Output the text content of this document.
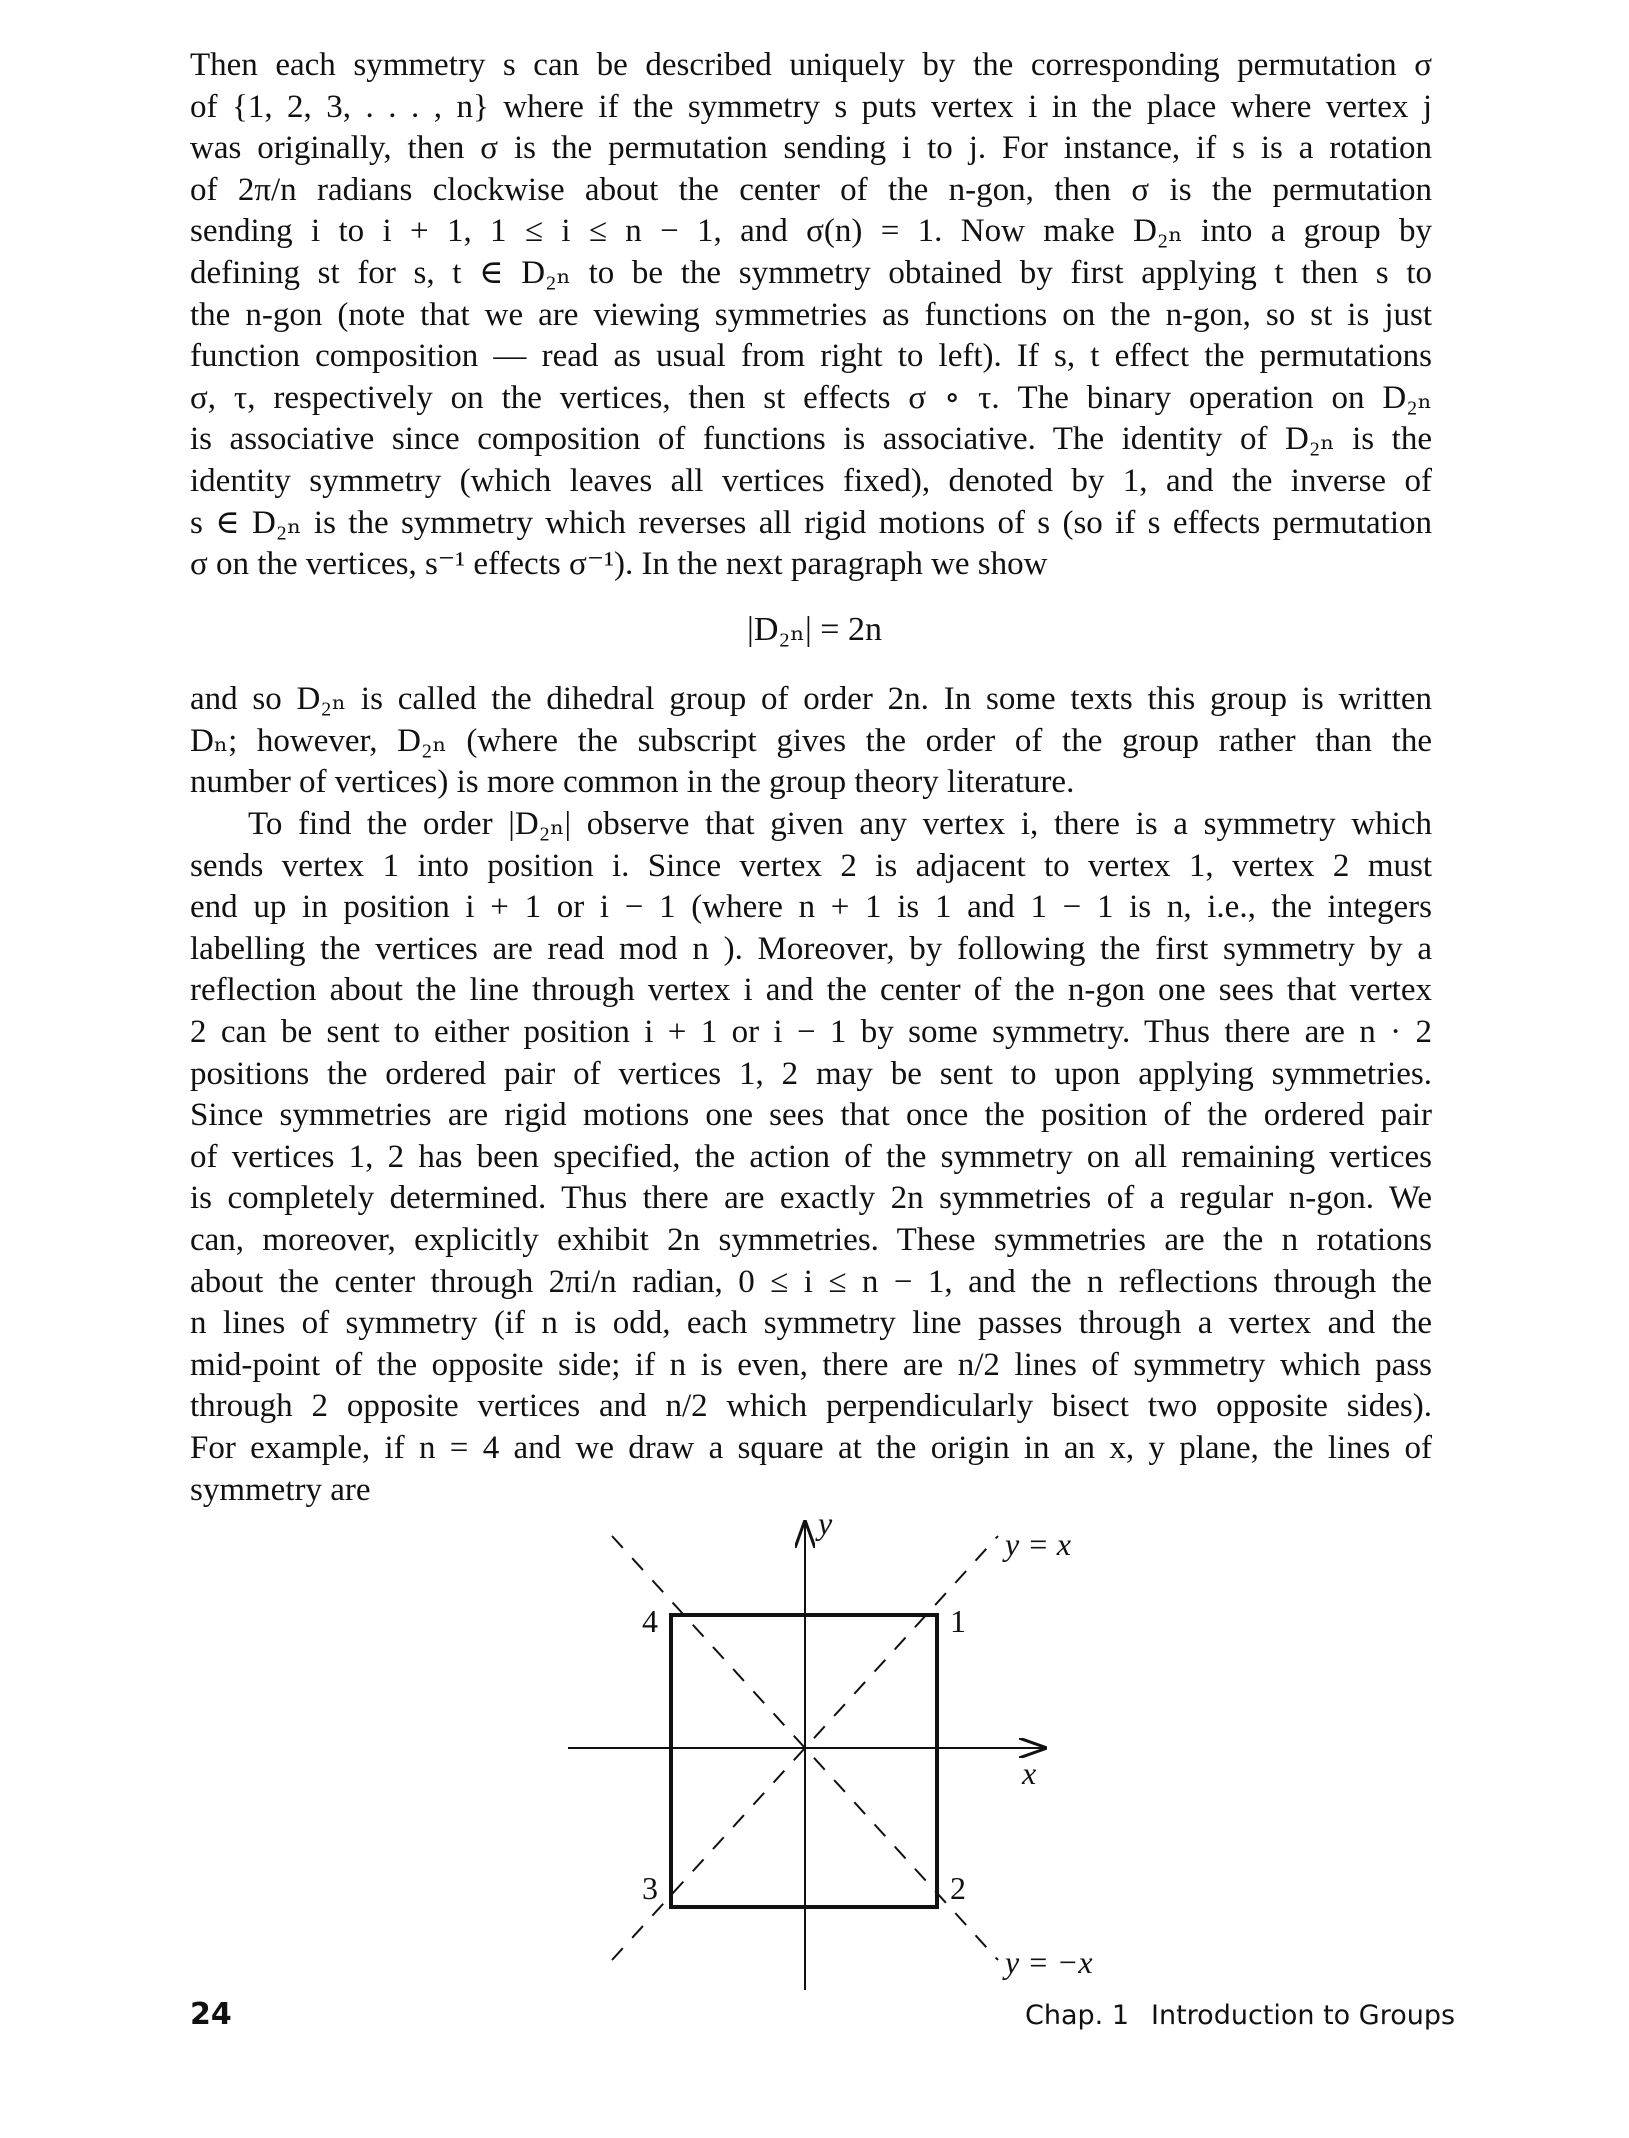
Then each symmetry s can be described uniquely by the corresponding permutation σ
of {1, 2, 3, . . . , n} where if the symmetry s puts vertex i in the place where vertex j
was originally, then σ is the permutation sending i to j. For instance, if s is a rotation
of 2π/n radians clockwise about the center of the n-gon, then σ is the permutation
sending i to i + 1, 1 ≤ i ≤ n − 1, and σ(n) = 1. Now make D₂ₙ into a group by
defining st for s, t ∈ D₂ₙ to be the symmetry obtained by first applying t then s to
the n-gon (note that we are viewing symmetries as functions on the n-gon, so st is just
function composition — read as usual from right to left). If s, t effect the permutations
σ, τ, respectively on the vertices, then st effects σ ∘ τ. The binary operation on D₂ₙ
is associative since composition of functions is associative. The identity of D₂ₙ is the
identity symmetry (which leaves all vertices fixed), denoted by 1, and the inverse of
s ∈ D₂ₙ is the symmetry which reverses all rigid motions of s (so if s effects permutation
σ on the vertices, s⁻¹ effects σ⁻¹). In the next paragraph we show
|D₂ₙ| = 2n
and so D₂ₙ is called the dihedral group of order 2n. In some texts this group is written
Dₙ; however, D₂ₙ (where the subscript gives the order of the group rather than the
number of vertices) is more common in the group theory literature.
To find the order |D₂ₙ| observe that given any vertex i, there is a symmetry which
sends vertex 1 into position i. Since vertex 2 is adjacent to vertex 1, vertex 2 must
end up in position i + 1 or i − 1 (where n + 1 is 1 and 1 − 1 is n, i.e., the integers
labelling the vertices are read mod n ). Moreover, by following the first symmetry by a
reflection about the line through vertex i and the center of the n-gon one sees that vertex
2 can be sent to either position i + 1 or i − 1 by some symmetry. Thus there are n · 2
positions the ordered pair of vertices 1, 2 may be sent to upon applying symmetries.
Since symmetries are rigid motions one sees that once the position of the ordered pair
of vertices 1, 2 has been specified, the action of the symmetry on all remaining vertices
is completely determined. Thus there are exactly 2n symmetries of a regular n-gon. We
can, moreover, explicitly exhibit 2n symmetries. These symmetries are the n rotations
about the center through 2πi/n radian, 0 ≤ i ≤ n − 1, and the n reflections through the
n lines of symmetry (if n is odd, each symmetry line passes through a vertex and the
mid-point of the opposite side; if n is even, there are n/2 lines of symmetry which pass
through 2 opposite vertices and n/2 which perpendicularly bisect two opposite sides).
For example, if n = 4 and we draw a square at the origin in an x, y plane, the lines of
symmetry are
y
x
y = x
y = −x
1
2
3
4
24	Chap. 1 Introduction to Groups
